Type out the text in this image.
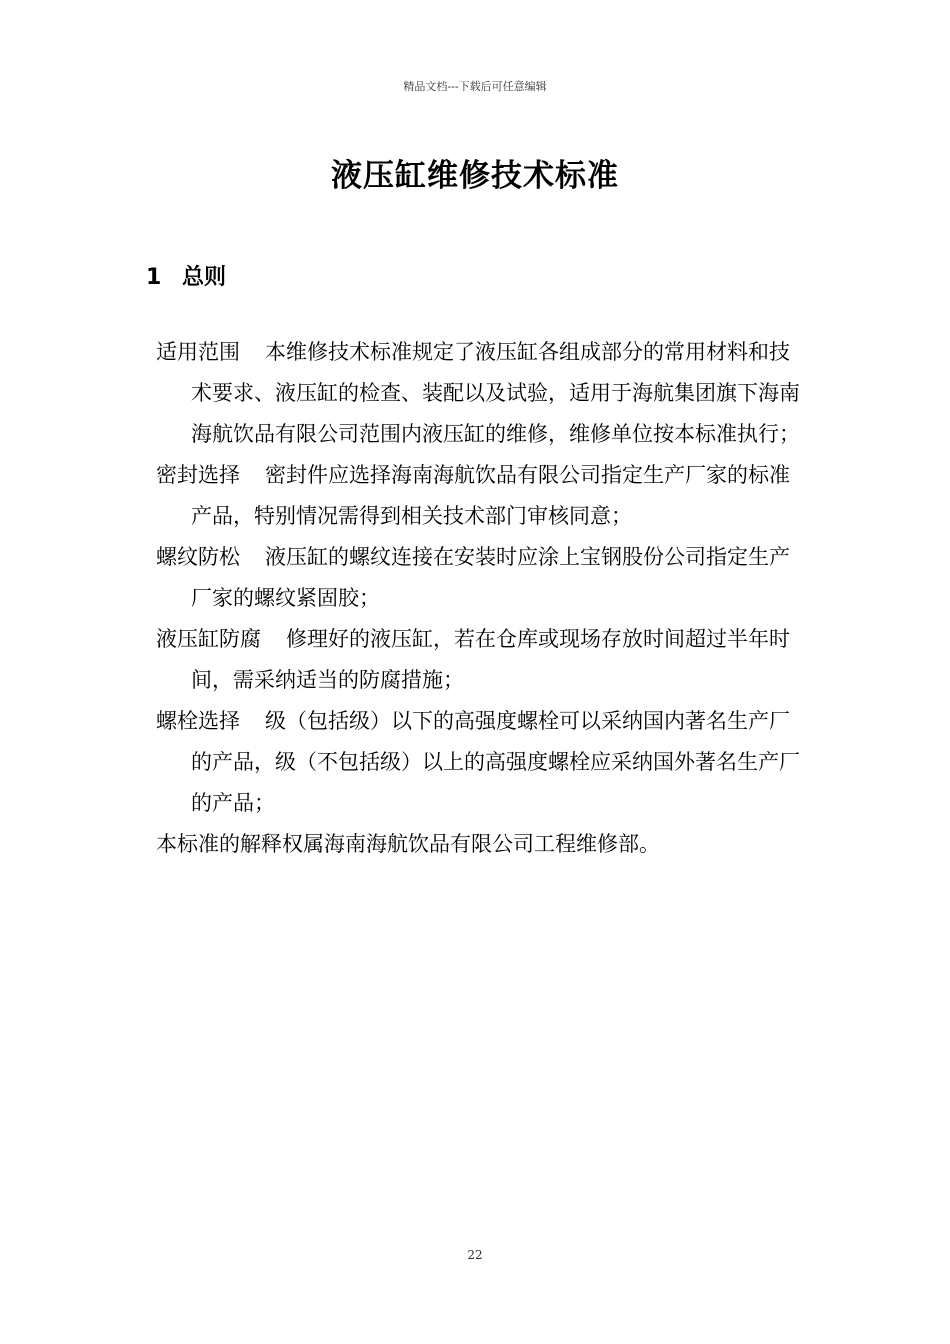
精品文档---下载后可任意编辑
液压缸维修技术标准
1 总则

适用范围 本维修技术标准规定了液压缸各组成部分的常用材料和技术要求、液压缸的检查、装配以及试验，适用于海航集团旗下海南海航饮品有限公司范围内液压缸的维修，维修单位按本标准执行；

密封选择 密封件应选择海南海航饮品有限公司指定生产厂家的标准产品，特别情况需得到相关技术部门审核同意；

螺纹防松 液压缸的螺纹连接在安装时应涂上宝钢股份公司指定生产厂家的螺纹紧固胶；

液压缸防腐 修理好的液压缸，若在仓库或现场存放时间超过半年时间，需采纳适当的防腐措施；

螺栓选择 级（包括级）以下的高强度螺栓可以采纳国内著名生产厂的产品，级（不包括级）以上的高强度螺栓应采纳国外著名生产厂的产品；

本标准的解释权属海南海航饮品有限公司工程维修部。

22
